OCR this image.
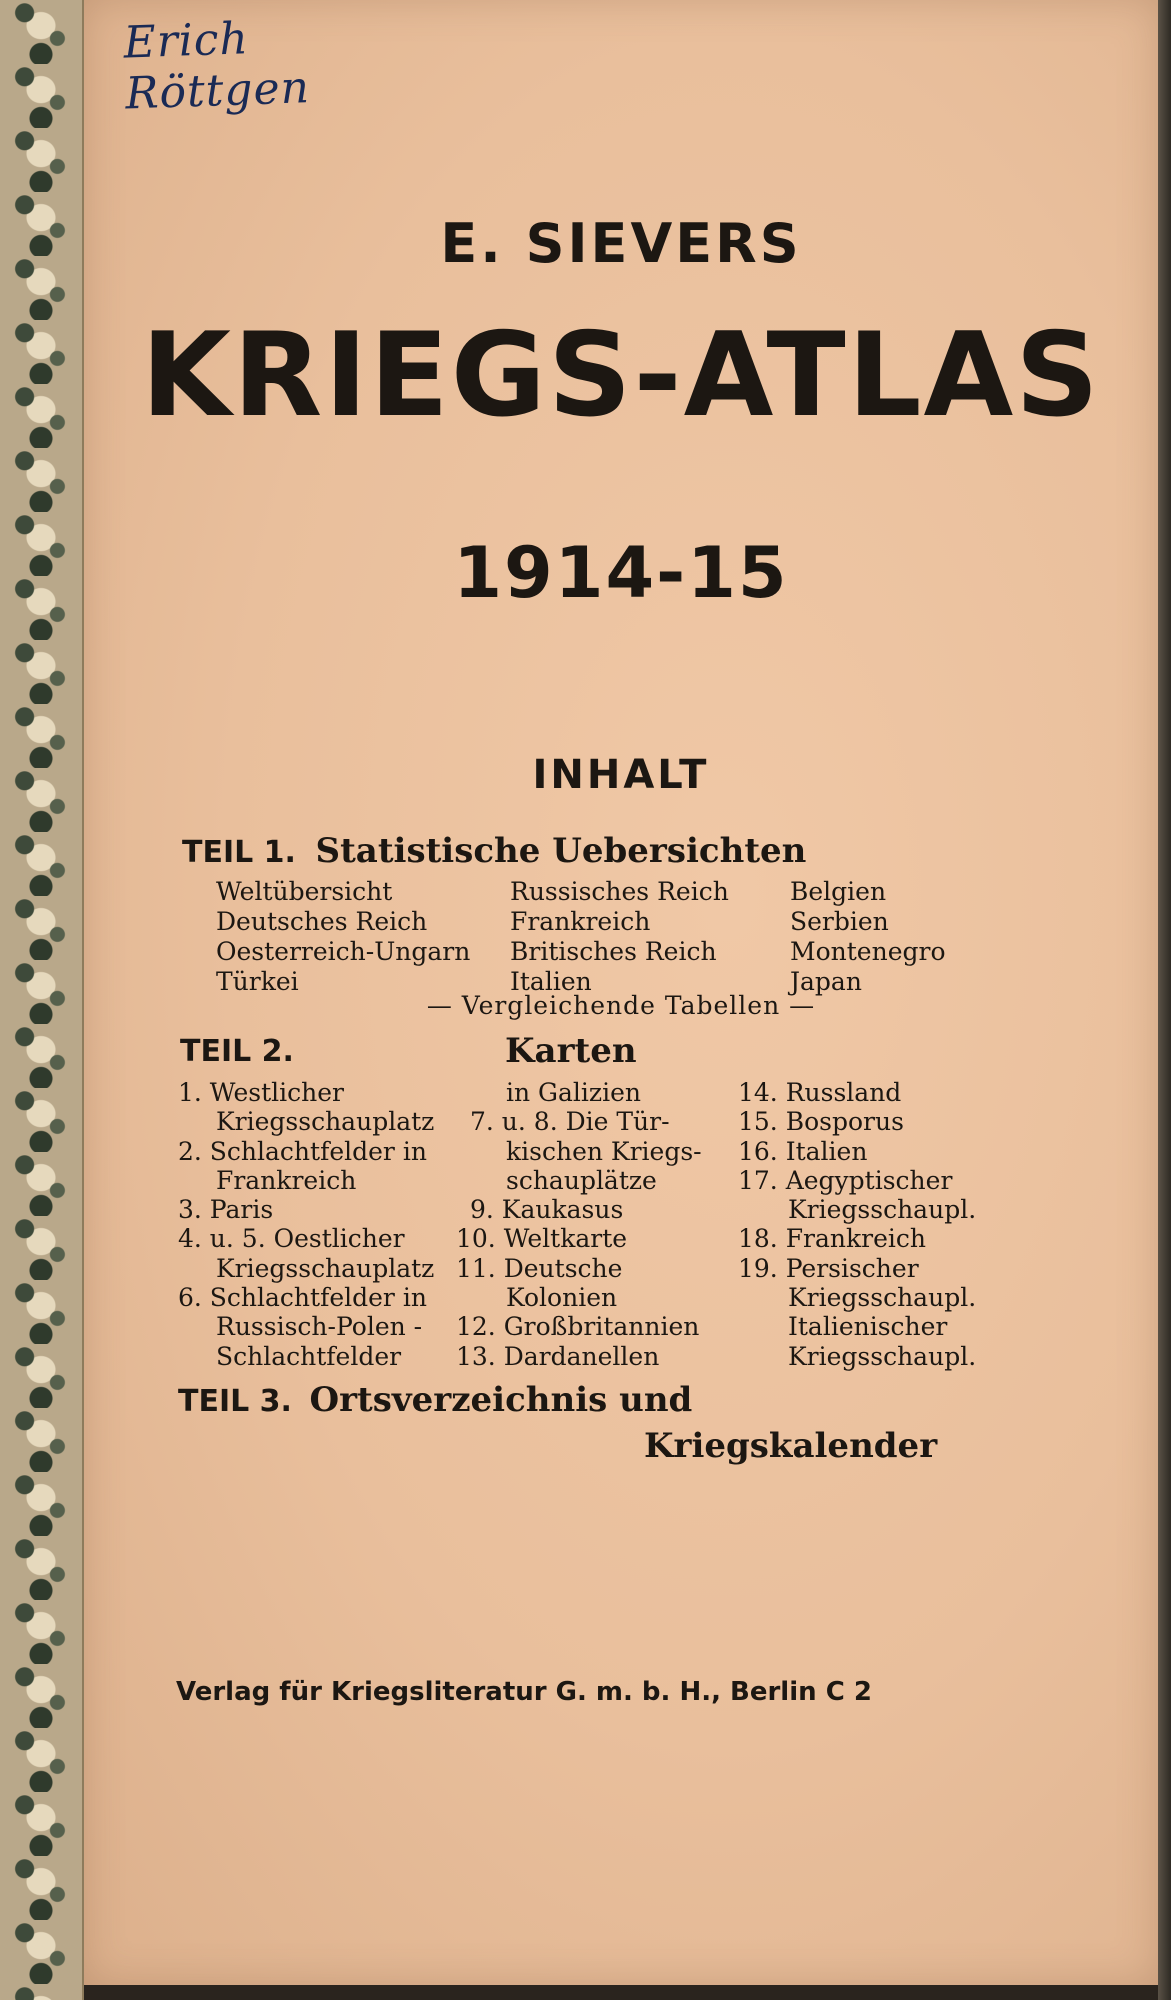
Erich Röttgen
E. SIEVERS
KRIEGS-ATLAS
1914-15
INHALT
TEIL 1. Statistische Uebersichten
Weltübersicht
Deutsches Reich
Oesterreich-Ungarn
Türkei
Russisches Reich
Frankreich
Britisches Reich
Italien
Belgien
Serbien
Montenegro
Japan
— Vergleichende Tabellen —
TEIL 2.	Karten
1. Westlicher
Kriegsschauplatz
2. Schlachtfelder in
Frankreich
3. Paris
4. u. 5. Oestlicher
Kriegsschauplatz
6. Schlachtfelder in
Russisch-Polen -
Schlachtfelder
in Galizien
7. u. 8. Die Tür-
kischen Kriegs-
schauplätze
9. Kaukasus
10. Weltkarte
11. Deutsche
Kolonien
12. Großbritannien
13. Dardanellen
14. Russland
15. Bosporus
16. Italien
17. Aegyptischer
Kriegsschaupl.
18. Frankreich
19. Persischer
Kriegsschaupl.
Italienischer
Kriegsschaupl.
TEIL 3. Ortsverzeichnis und
Kriegskalender
Verlag für Kriegsliteratur G. m. b. H., Berlin C 2
